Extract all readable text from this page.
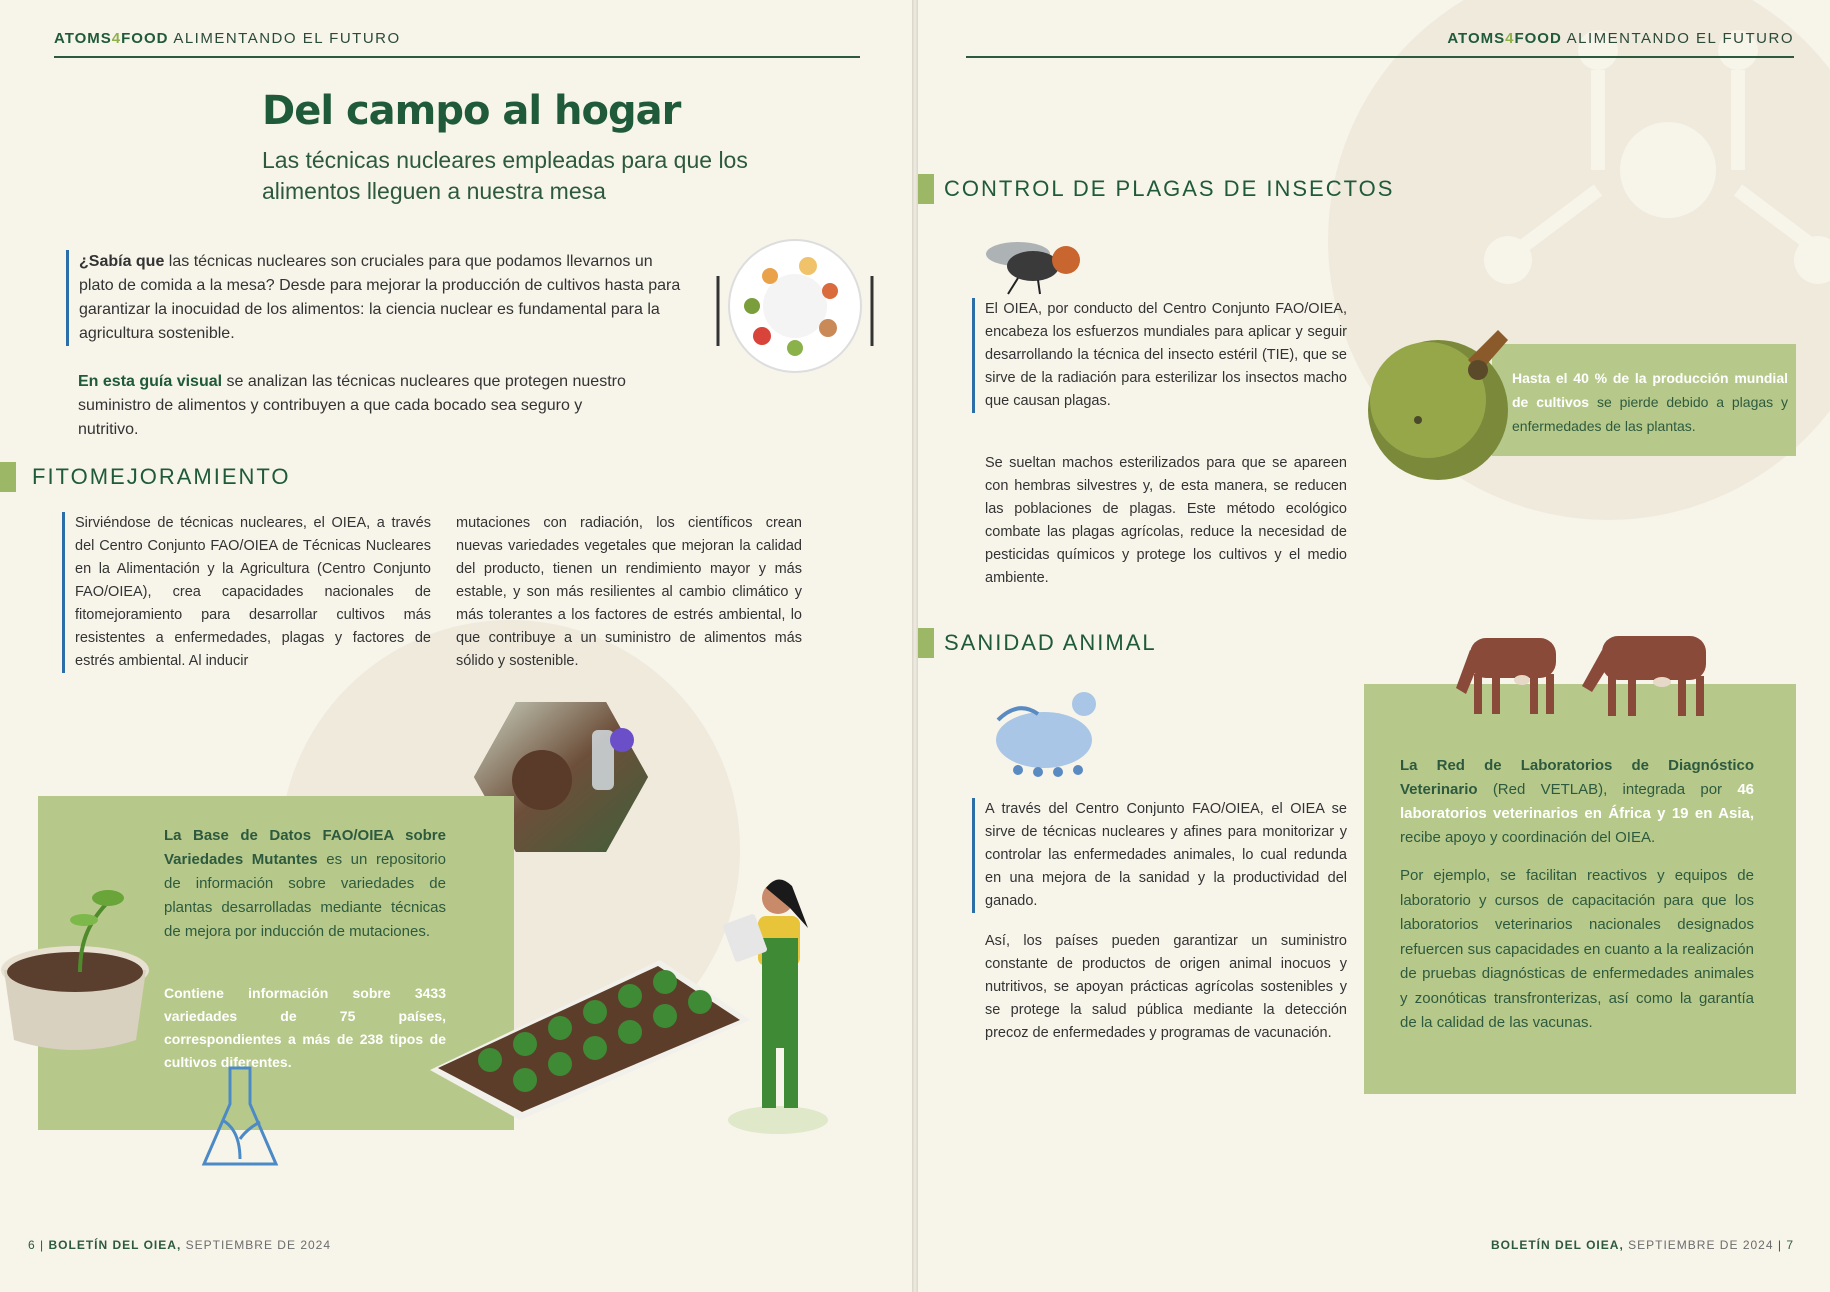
ATOMS4FOOD ALIMENTANDO EL FUTURO
Del campo al hogar
Las técnicas nucleares empleadas para que los alimentos lleguen a nuestra mesa
¿Sabía que las técnicas nucleares son cruciales para que podamos llevarnos un plato de comida a la mesa? Desde para mejorar la producción de cultivos hasta para garantizar la inocuidad de los alimentos: la ciencia nuclear es fundamental para la agricultura sostenible.
En esta guía visual se analizan las técnicas nucleares que protegen nuestro suministro de alimentos y contribuyen a que cada bocado sea seguro y nutritivo.
FITOMEJORAMIENTO
Sirviéndose de técnicas nucleares, el OIEA, a través del Centro Conjunto FAO/OIEA de Técnicas Nucleares en la Alimentación y la Agricultura (Centro Conjunto FAO/OIEA), crea capacidades nacionales de fitomejoramiento para desarrollar cultivos más resistentes a enfermedades, plagas y factores de estrés ambiental. Al inducir
mutaciones con radiación, los científicos crean nuevas variedades vegetales que mejoran la calidad del producto, tienen un rendimiento mayor y más estable, y son más resilientes al cambio climático y más tolerantes a los factores de estrés ambiental, lo que contribuye a un suministro de alimentos más sólido y sostenible.
La Base de Datos FAO/OIEA sobre Variedades Mutantes es un repositorio de información sobre variedades de plantas desarrolladas mediante técnicas de mejora por inducción de mutaciones.
Contiene información sobre 3433 variedades de 75 países, correspondientes a más de 238 tipos de cultivos diferentes.
6 | BOLETÍN DEL OIEA, SEPTIEMBRE DE 2024
ATOMS4FOOD ALIMENTANDO EL FUTURO
CONTROL DE PLAGAS DE INSECTOS
El OIEA, por conducto del Centro Conjunto FAO/OIEA, encabeza los esfuerzos mundiales para aplicar y seguir desarrollando la técnica del insecto estéril (TIE), que se sirve de la radiación para esterilizar los insectos macho que causan plagas.
Se sueltan machos esterilizados para que se apareen con hembras silvestres y, de esta manera, se reducen las poblaciones de plagas. Este método ecológico combate las plagas agrícolas, reduce la necesidad de pesticidas químicos y protege los cultivos y el medio ambiente.
Hasta el 40 % de la producción mundial de cultivos se pierde debido a plagas y enfermedades de las plantas.
SANIDAD ANIMAL
A través del Centro Conjunto FAO/OIEA, el OIEA se sirve de técnicas nucleares y afines para monitorizar y controlar las enfermedades animales, lo cual redunda en una mejora de la sanidad y la productividad del ganado.
Así, los países pueden garantizar un suministro constante de productos de origen animal inocuos y nutritivos, se apoyan prácticas agrícolas sostenibles y se protege la salud pública mediante la detección precoz de enfermedades y programas de vacunación.
La Red de Laboratorios de Diagnóstico Veterinario (Red VETLAB), integrada por 46 laboratorios veterinarios en África y 19 en Asia, recibe apoyo y coordinación del OIEA.
Por ejemplo, se facilitan reactivos y equipos de laboratorio y cursos de capacitación para que los laboratorios veterinarios nacionales designados refuercen sus capacidades en cuanto a la realización de pruebas diagnósticas de enfermedades animales y zoonóticas transfronterizas, así como la garantía de la calidad de las vacunas.
BOLETÍN DEL OIEA, SEPTIEMBRE DE 2024 | 7
